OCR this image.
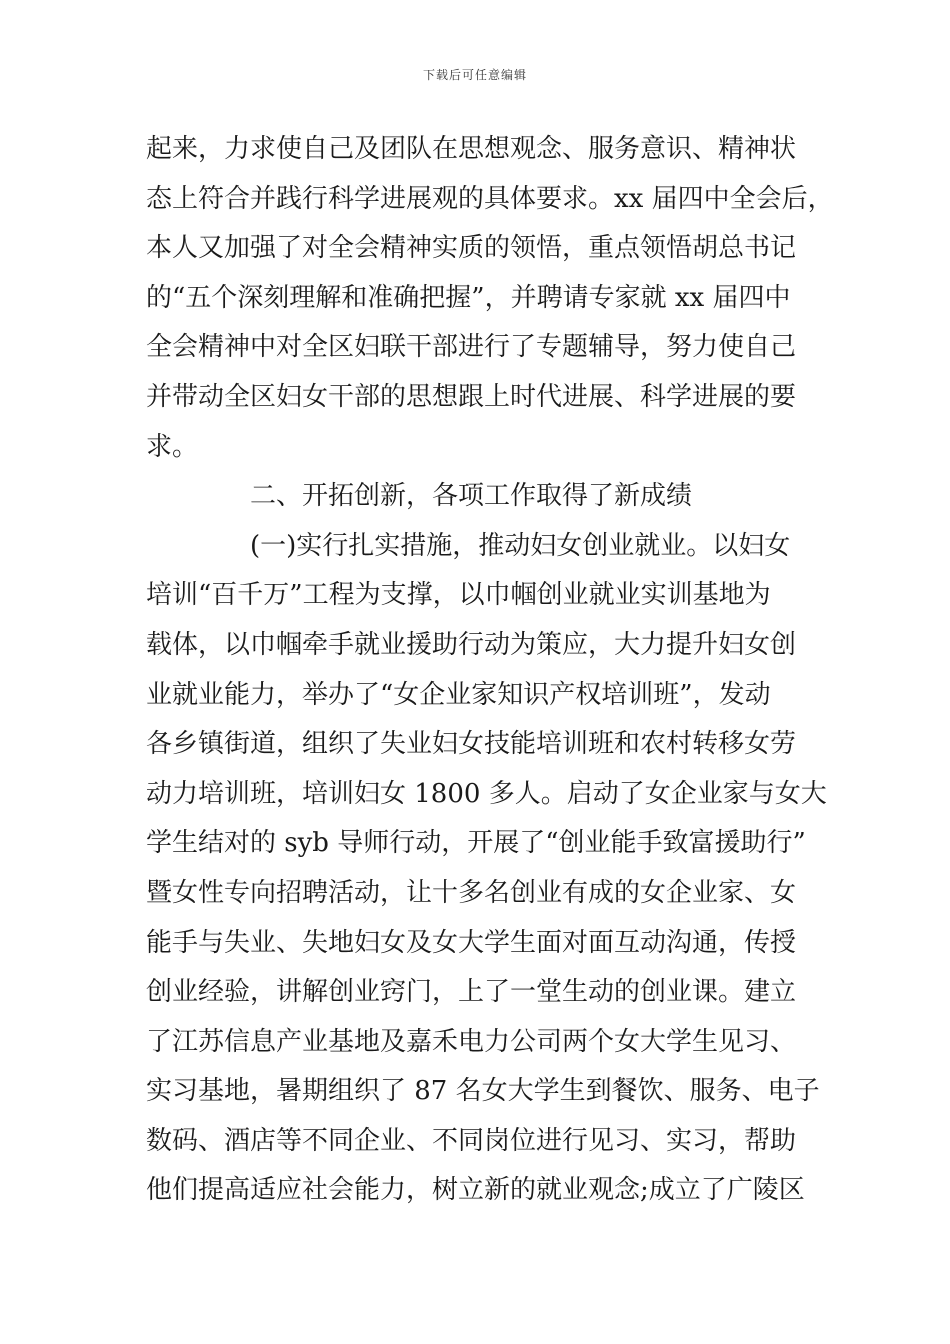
下载后可任意编辑
起来，力求使自己及团队在思想观念、服务意识、精神状
态上符合并践行科学进展观的具体要求。xx 届四中全会后，
本人又加强了对全会精神实质的领悟，重点领悟胡总书记
的“五个深刻理解和准确把握”，并聘请专家就 xx 届四中
全会精神中对全区妇联干部进行了专题辅导，努力使自己
并带动全区妇女干部的思想跟上时代进展、科学进展的要
求。
二、开拓创新，各项工作取得了新成绩
(一)实行扎实措施，推动妇女创业就业。以妇女
培训“百千万”工程为支撑，以巾帼创业就业实训基地为
载体，以巾帼牵手就业援助行动为策应，大力提升妇女创
业就业能力，举办了“女企业家知识产权培训班”，发动
各乡镇街道，组织了失业妇女技能培训班和农村转移女劳
动力培训班，培训妇女 1800 多人。启动了女企业家与女大
学生结对的 syb 导师行动，开展了“创业能手致富援助行”
暨女性专向招聘活动，让十多名创业有成的女企业家、女
能手与失业、失地妇女及女大学生面对面互动沟通，传授
创业经验，讲解创业窍门，上了一堂生动的创业课。建立
了江苏信息产业基地及嘉禾电力公司两个女大学生见习、
实习基地，暑期组织了 87 名女大学生到餐饮、服务、电子
数码、酒店等不同企业、不同岗位进行见习、实习，帮助
他们提高适应社会能力，树立新的就业观念;成立了广陵区
